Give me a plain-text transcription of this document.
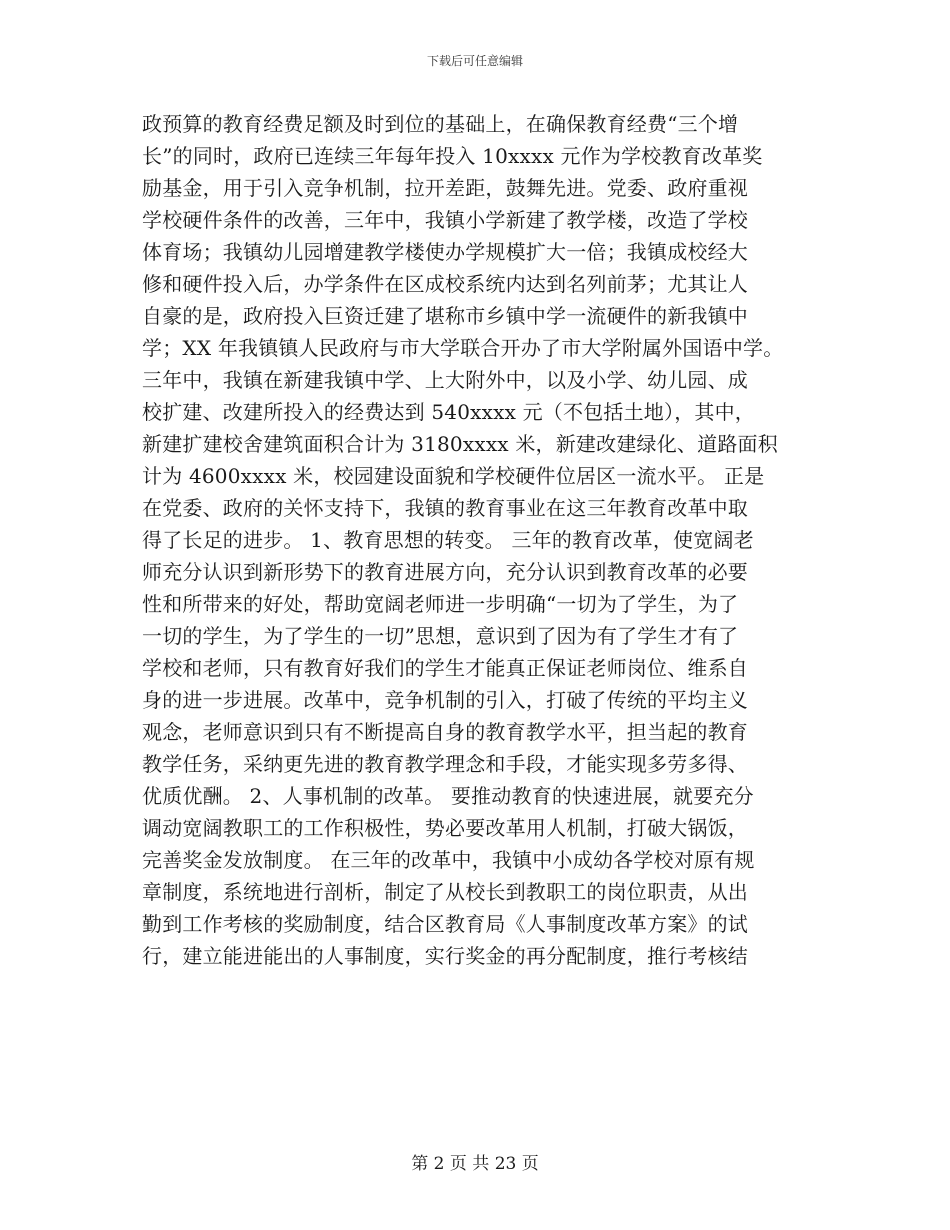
下载后可任意编辑
政预算的教育经费足额及时到位的基础上，在确保教育经费“三个增
长”的同时，政府已连续三年每年投入 10xxxx 元作为学校教育改革奖
励基金，用于引入竞争机制，拉开差距，鼓舞先进。党委、政府重视
学校硬件条件的改善，三年中，我镇小学新建了教学楼，改造了学校
体育场；我镇幼儿园增建教学楼使办学规模扩大一倍；我镇成校经大
修和硬件投入后，办学条件在区成校系统内达到名列前茅；尤其让人
自豪的是，政府投入巨资迁建了堪称市乡镇中学一流硬件的新我镇中
学；XX 年我镇镇人民政府与市大学联合开办了市大学附属外国语中学。
三年中，我镇在新建我镇中学、上大附外中，以及小学、幼儿园、成
校扩建、改建所投入的经费达到 540xxxx 元（不包括土地），其中，
新建扩建校舍建筑面积合计为 3180xxxx 米，新建改建绿化、道路面积
计为 4600xxxx 米，校园建设面貌和学校硬件位居区一流水平。 正是
在党委、政府的关怀支持下，我镇的教育事业在这三年教育改革中取
得了长足的进步。 1、教育思想的转变。 三年的教育改革，使宽阔老
师充分认识到新形势下的教育进展方向，充分认识到教育改革的必要
性和所带来的好处，帮助宽阔老师进一步明确“一切为了学生，为了
一切的学生，为了学生的一切”思想，意识到了因为有了学生才有了
学校和老师，只有教育好我们的学生才能真正保证老师岗位、维系自
身的进一步进展。改革中，竞争机制的引入，打破了传统的平均主义
观念，老师意识到只有不断提高自身的教育教学水平，担当起的教育
教学任务，采纳更先进的教育教学理念和手段，才能实现多劳多得、
优质优酬。 2、人事机制的改革。 要推动教育的快速进展，就要充分
调动宽阔教职工的工作积极性，势必要改革用人机制，打破大锅饭，
完善奖金发放制度。 在三年的改革中，我镇中小成幼各学校对原有规
章制度，系统地进行剖析，制定了从校长到教职工的岗位职责，从出
勤到工作考核的奖励制度，结合区教育局《人事制度改革方案》的试
行，建立能进能出的人事制度，实行奖金的再分配制度，推行考核结
第 2 页 共 23 页
